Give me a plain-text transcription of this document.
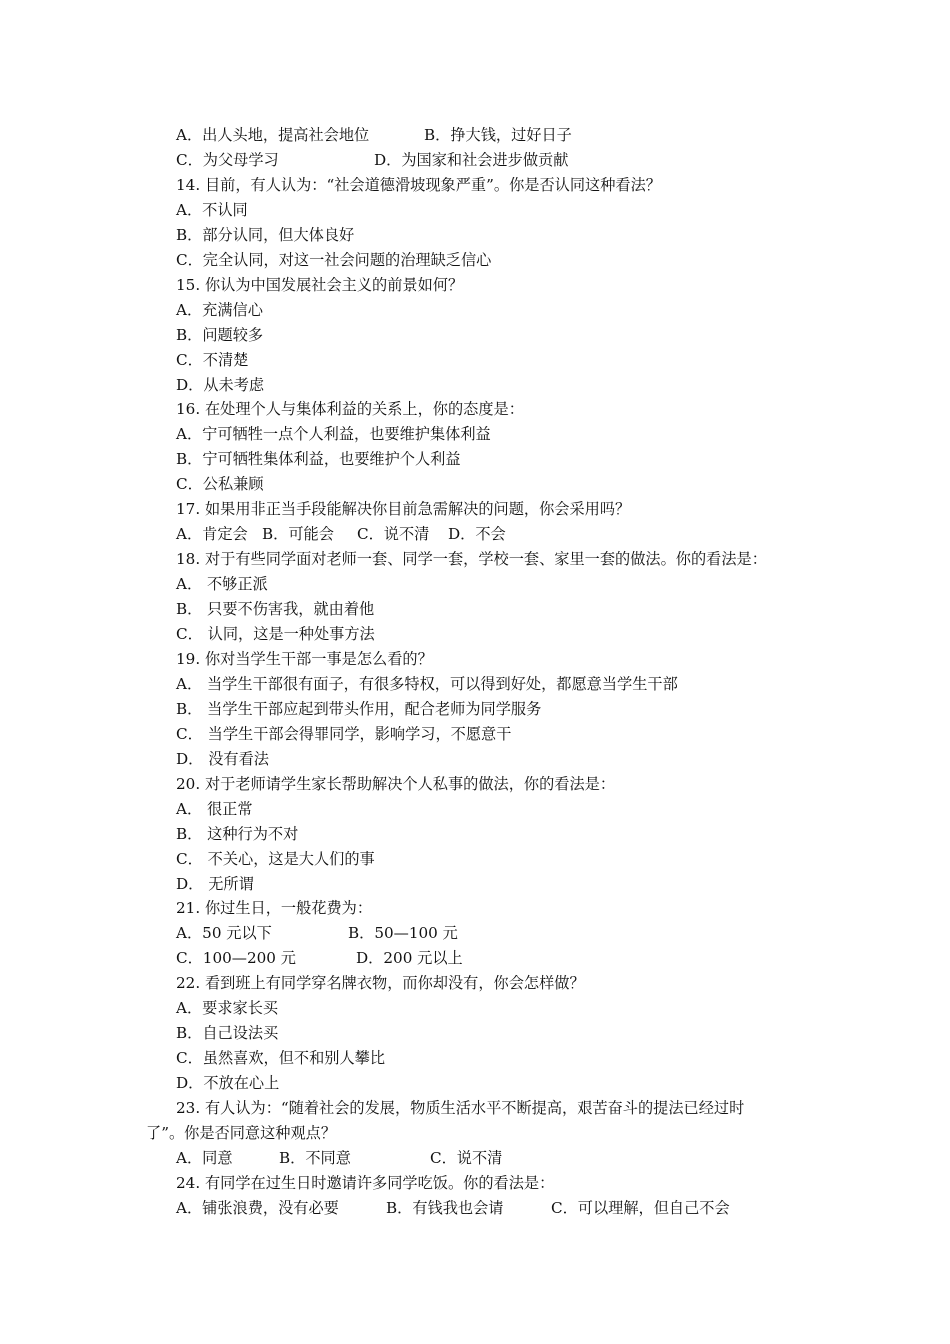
A．出人头地，提高社会地位	B．挣大钱，过好日子
C．为父母学习	D．为国家和社会进步做贡献
14. 目前，有人认为：“社会道德滑坡现象严重”。你是否认同这种看法？
A．不认同
B．部分认同，但大体良好
C．完全认同，对这一社会问题的治理缺乏信心
15. 你认为中国发展社会主义的前景如何？
A．充满信心
B．问题较多
C．不清楚
D．从未考虑
16. 在处理个人与集体利益的关系上，你的态度是：
A．宁可牺牲一点个人利益，也要维护集体利益
B．宁可牺牲集体利益，也要维护个人利益
C．公私兼顾
17. 如果用非正当手段能解决你目前急需解决的问题，你会采用吗？
A．肯定会 B．可能会 C．说不清 D．不会
18. 对于有些同学面对老师一套、同学一套，学校一套、家里一套的做法。你的看法是：
A． 不够正派
B． 只要不伤害我，就由着他
C． 认同，这是一种处事方法
19. 你对当学生干部一事是怎么看的？
A． 当学生干部很有面子，有很多特权，可以得到好处，都愿意当学生干部
B． 当学生干部应起到带头作用，配合老师为同学服务
C． 当学生干部会得罪同学，影响学习，不愿意干
D． 没有看法
20. 对于老师请学生家长帮助解决个人私事的做法，你的看法是：
A． 很正常
B． 这种行为不对
C． 不关心，这是大人们的事
D． 无所谓
21. 你过生日，一般花费为：
A．50 元以下	B．50—100 元
C．100—200 元	D．200 元以上
22. 看到班上有同学穿名牌衣物，而你却没有，你会怎样做？
A．要求家长买
B．自己设法买
C．虽然喜欢，但不和别人攀比
D．不放在心上
23. 有人认为：“随着社会的发展，物质生活水平不断提高，艰苦奋斗的提法已经过时
了”。你是否同意这种观点？
A．同意	B．不同意	C．说不清
24. 有同学在过生日时邀请许多同学吃饭。你的看法是：
A．铺张浪费，没有必要	B．有钱我也会请	C．可以理解，但自己不会
